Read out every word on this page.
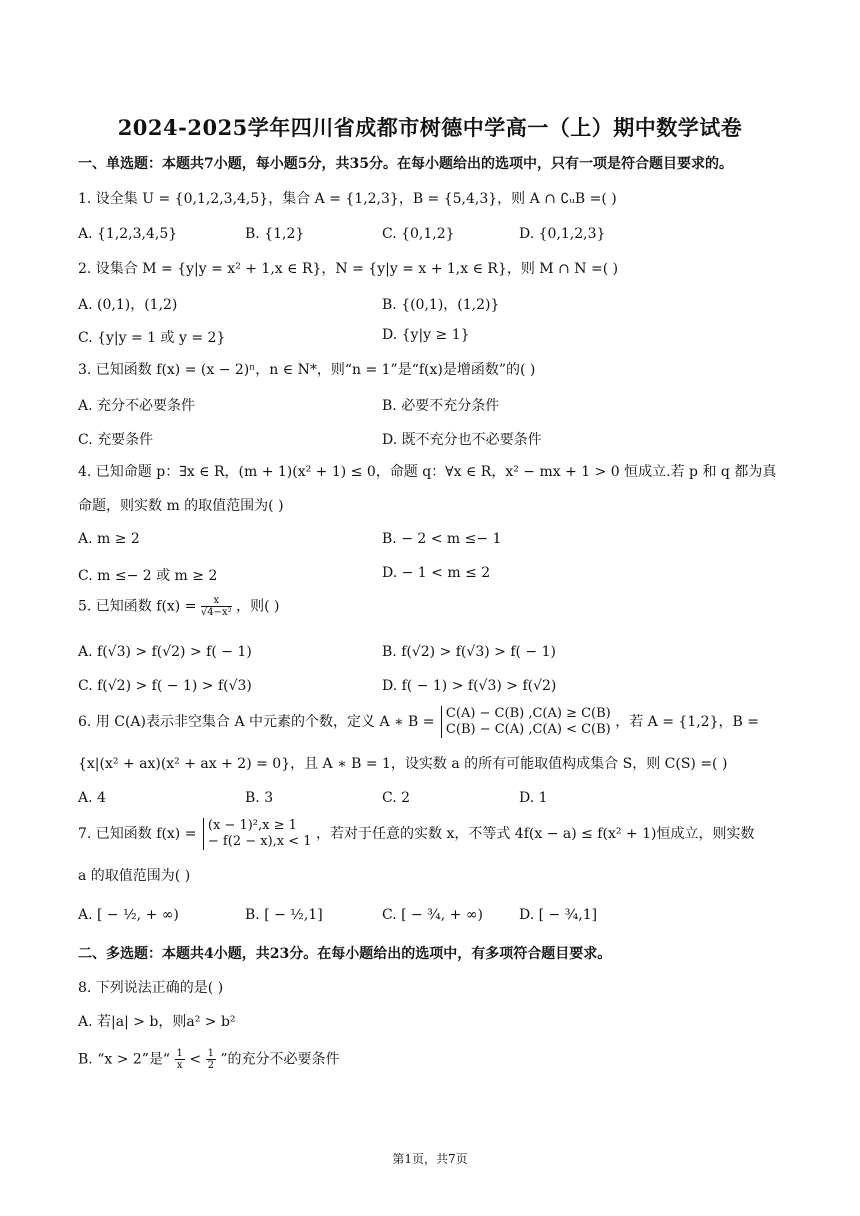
2024-2025学年四川省成都市树德中学高一（上）期中数学试卷
一、单选题：本题共7小题，每小题5分，共35分。在每小题给出的选项中，只有一项是符合题目要求的。
1. 设全集 U = {0,1,2,3,4,5}，集合 A = {1,2,3}，B = {5,4,3}，则 A ∩ ∁ᵤB =( )
A. {1,2,3,4,5}	B. {1,2}	C. {0,1,2}	D. {0,1,2,3}
2. 设集合 M = {y|y = x² + 1,x ∈ R}，N = {y|y = x + 1,x ∈ R}，则 M ∩ N =( )
A. (0,1)，(1,2)	B. {(0,1)，(1,2)}
C. {y|y = 1 或 y = 2}	D. {y|y ≥ 1}
3. 已知函数 f(x) = (x − 2)ⁿ，n ∈ N*，则“n = 1”是“f(x)是增函数”的( )
A. 充分不必要条件	B. 必要不充分条件
C. 充要条件	D. 既不充分也不必要条件
4. 已知命题 p：∃x ∈ R，(m + 1)(x² + 1) ≤ 0，命题 q：∀x ∈ R，x² − mx + 1 > 0 恒成立.若 p 和 q 都为真
命题，则实数 m 的取值范围为( )
A. m ≥ 2	B. − 2 < m ≤− 1
C. m ≤− 2 或 m ≥ 2	D. − 1 < m ≤ 2
5. 已知函数 $f(x) = \frac{x}{\text{√4−x²}}$ ，则( )
A. f(√3) > f(√2) > f( − 1)	B. f(√2) > f(√3) > f( − 1)
C. f(√2) > f( − 1) > f(√3)	D. f( − 1) > f(√3) > f(√2)
6. 用 C(A)表示非空集合 A 中元素的个数，定义 A ∗ B =
C(A) − C(B) ,C(A) ≥ C(B)
C(B) − C(A) ,C(A) < C(B) ，若 A = {1,2}，B =
{x|(x² + ax)(x² + ax + 2) = 0}，且 A ∗ B = 1，设实数 a 的所有可能取值构成集合 S，则 C(S) =( )
A. 4	B. 3	C. 2	D. 1
7. 已知函数 f(x) =
(x − 1)²,x ≥ 1
− f(2 − x),x < 1 ，若对于任意的实数 x，不等式 4f(x − a) ≤ f(x² + 1)恒成立，则实数
a 的取值范围为( )
A. [ − ½, + ∞)	B. [ − ½,1]	C. [ − ¾, + ∞)	D. [ − ¾,1]
二、多选题：本题共4小题，共23分。在每小题给出的选项中，有多项符合题目要求。
8. 下列说法正确的是( )
A. 若|a| > b，则a² > b²
B. “x > 2”是“ $\frac{1}{x} < \frac{1}{2}$ ”的充分不必要条件
第1页，共7页
